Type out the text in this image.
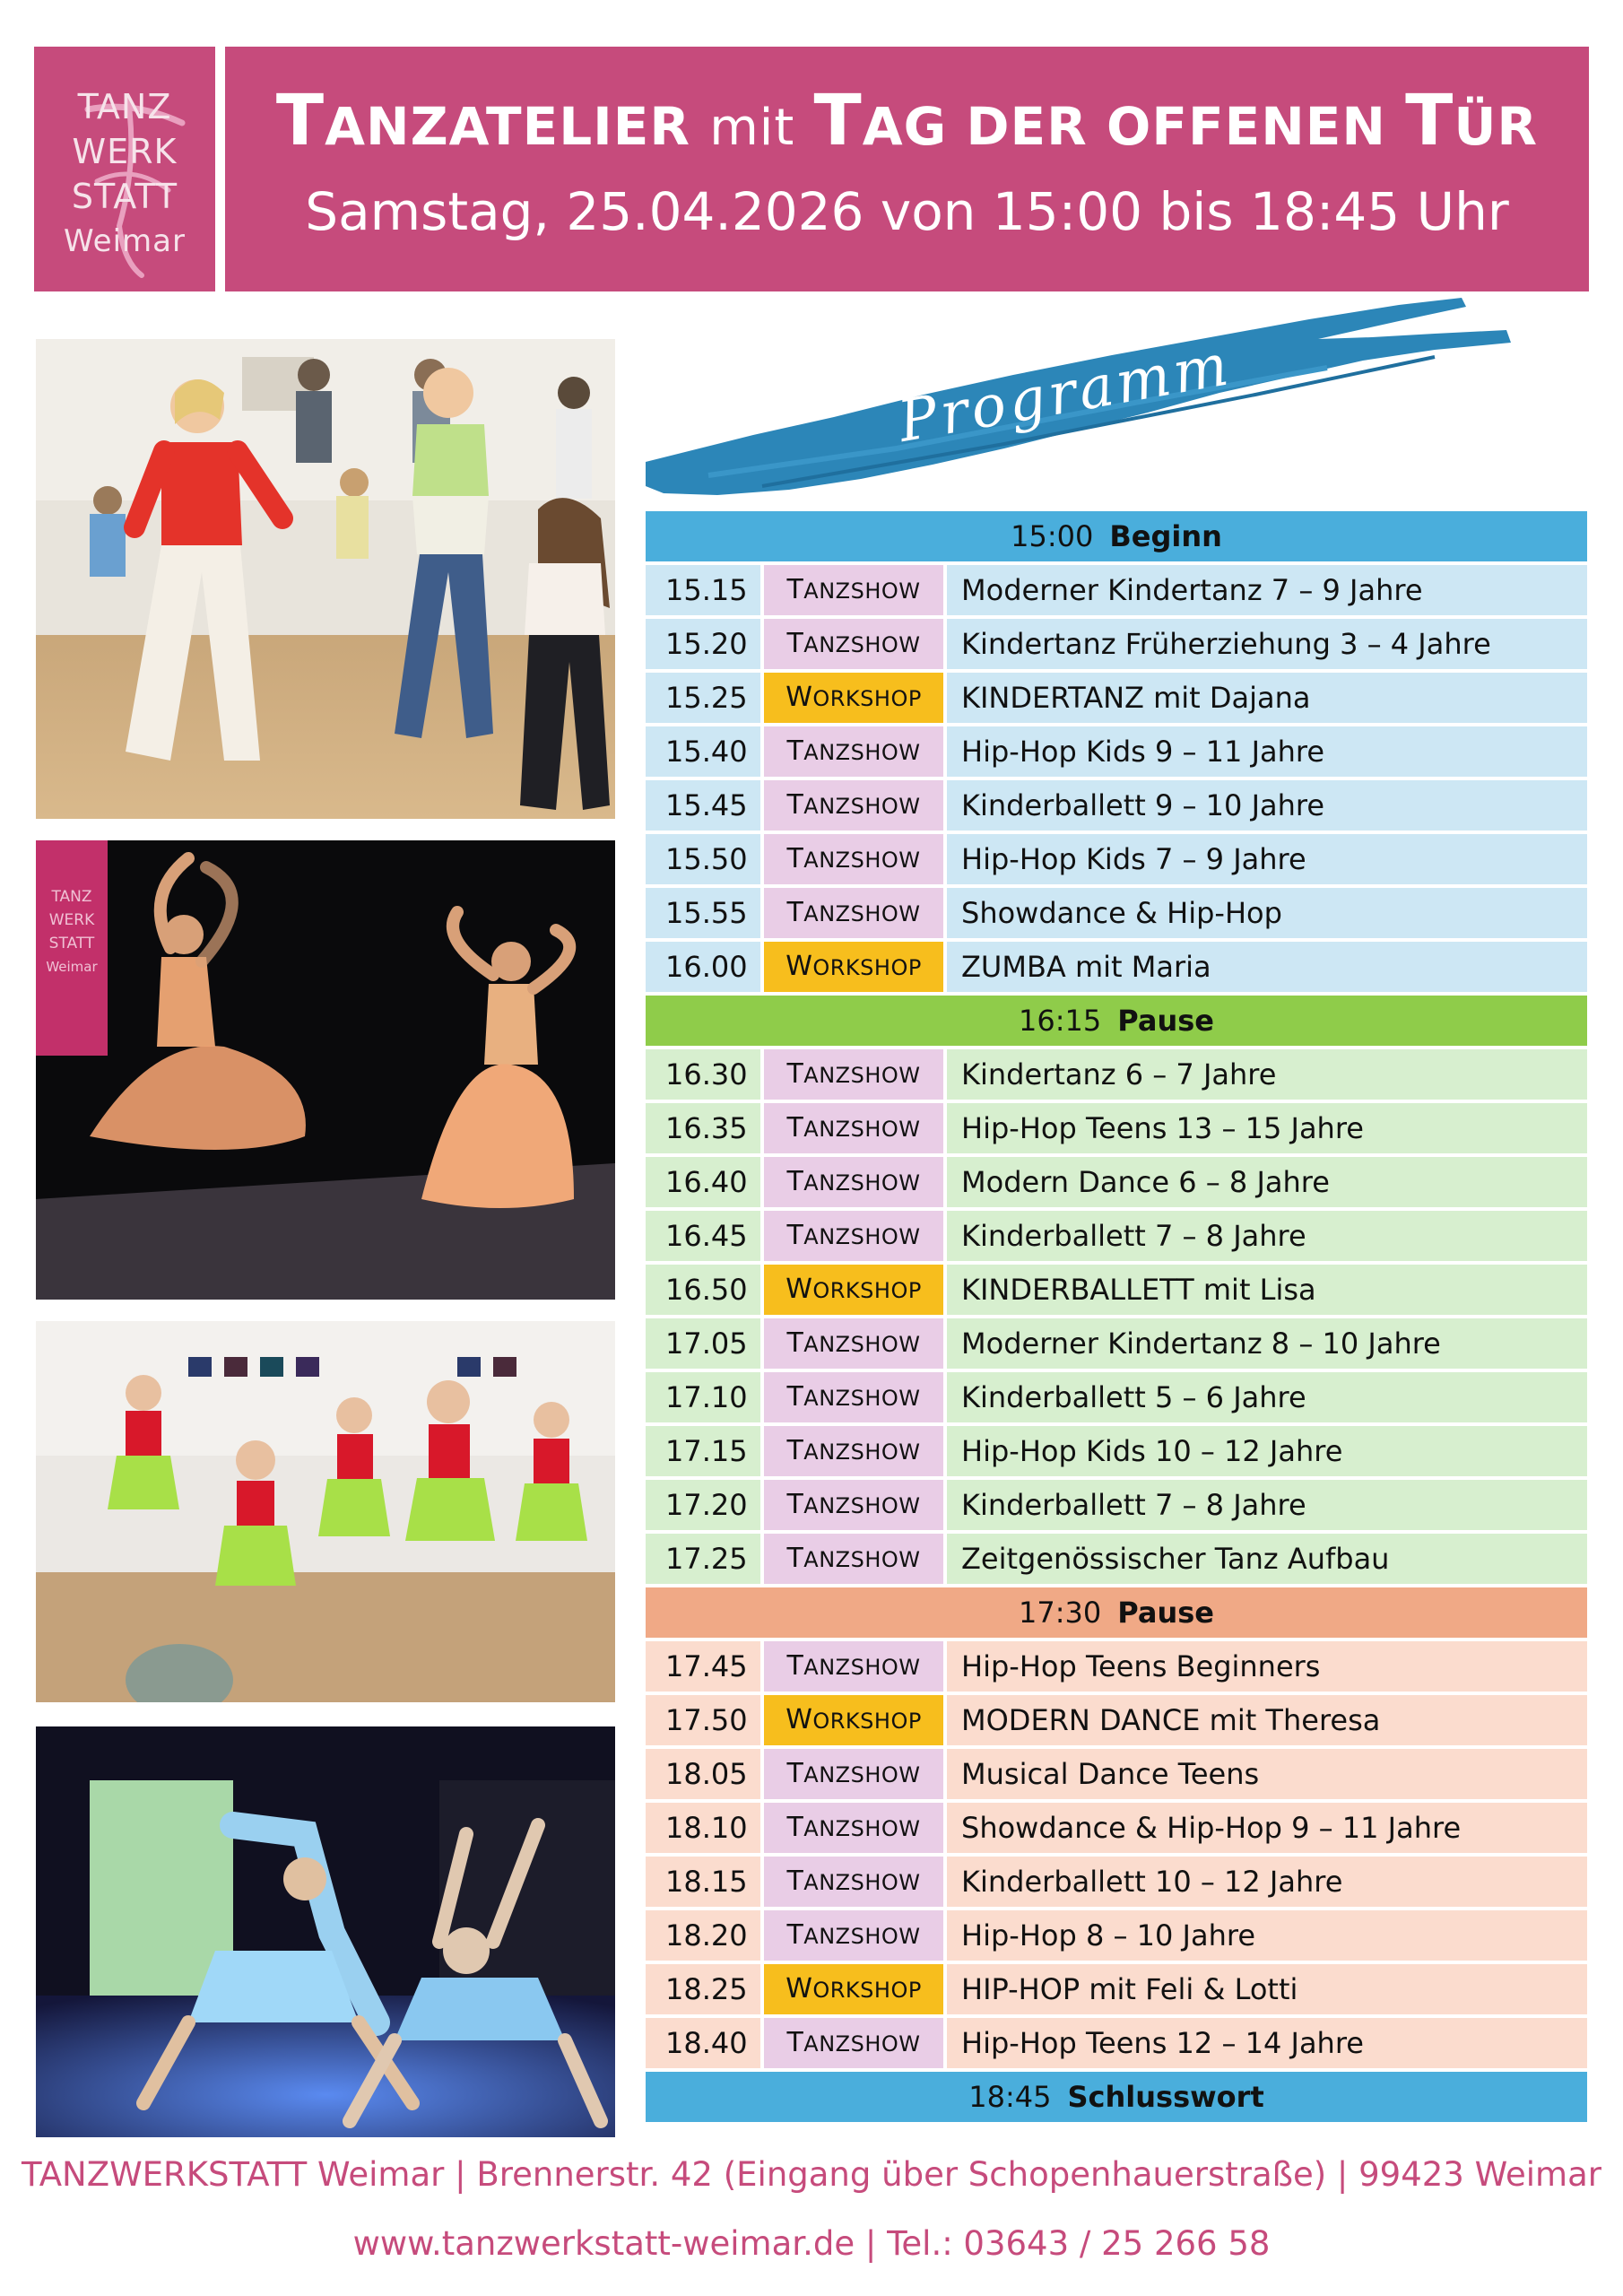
TANZ
WERK
STATT
Weimar
TANZATELIER mit TAG DER OFFENEN TÜR
Samstag, 25.04.2026 von 15:00 bis 18:45 Uhr
TANZ
WERK
STATT
Weimar
Programm
15:00 Beginn
15.15	TANZSHOW	Moderner Kindertanz 7 – 9 Jahre
15.20	TANZSHOW	Kindertanz Früherziehung 3 – 4 Jahre
15.25	WORKSHOP	KINDERTANZ mit Dajana
15.40	TANZSHOW	Hip-Hop Kids 9 – 11 Jahre
15.45	TANZSHOW	Kinderballett 9 – 10 Jahre
15.50	TANZSHOW	Hip-Hop Kids 7 – 9 Jahre
15.55	TANZSHOW	Showdance & Hip-Hop
16.00	WORKSHOP	ZUMBA mit Maria
16:15 Pause
16.30	TANZSHOW	Kindertanz 6 – 7 Jahre
16.35	TANZSHOW	Hip-Hop Teens 13 – 15 Jahre
16.40	TANZSHOW	Modern Dance 6 – 8 Jahre
16.45	TANZSHOW	Kinderballett 7 – 8 Jahre
16.50	WORKSHOP	KINDERBALLETT mit Lisa
17.05	TANZSHOW	Moderner Kindertanz 8 – 10 Jahre
17.10	TANZSHOW	Kinderballett 5 – 6 Jahre
17.15	TANZSHOW	Hip-Hop Kids 10 – 12 Jahre
17.20	TANZSHOW	Kinderballett 7 – 8 Jahre
17.25	TANZSHOW	Zeitgenössischer Tanz Aufbau
17:30 Pause
17.45	TANZSHOW	Hip-Hop Teens Beginners
17.50	WORKSHOP	MODERN DANCE mit Theresa
18.05	TANZSHOW	Musical Dance Teens
18.10	TANZSHOW	Showdance & Hip-Hop 9 – 11 Jahre
18.15	TANZSHOW	Kinderballett 10 – 12 Jahre
18.20	TANZSHOW	Hip-Hop 8 – 10 Jahre
18.25	WORKSHOP	HIP-HOP mit Feli & Lotti
18.40	TANZSHOW	Hip-Hop Teens 12 – 14 Jahre
18:45 Schlusswort
TANZWERKSTATT Weimar | Brennerstr. 42 (Eingang über Schopenhauerstraße) | 99423 Weimar
www.tanzwerkstatt-weimar.de | Tel.: 03643 / 25 266 58
